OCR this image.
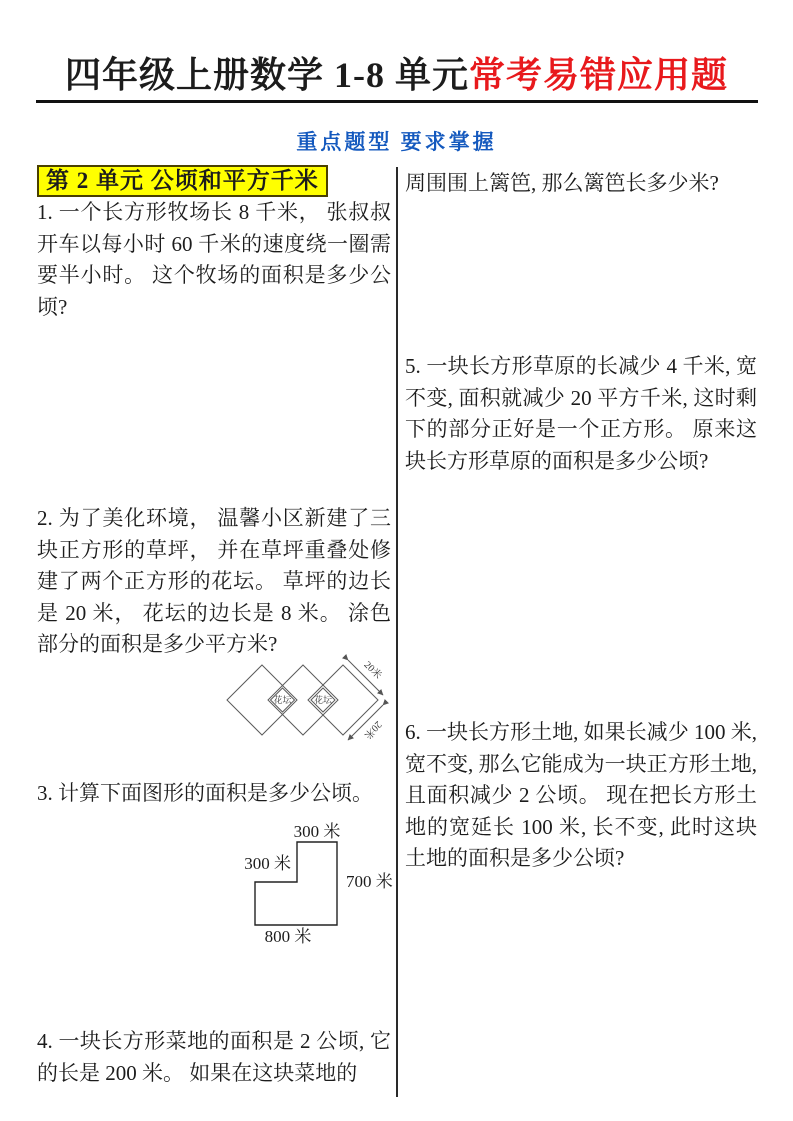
四年级上册数学 1-8 单元常考易错应用题
重点题型 要求掌握
第 2 单元 公顷和平方千米
1. 一个长方形牧场长 8 千米， 张叔叔开车以每小时 60 千米的速度绕一圈需要半小时。 这个牧场的面积是多少公顷?
2. 为了美化环境， 温馨小区新建了三块正方形的草坪， 并在草坪重叠处修建了两个正方形的花坛。 草坪的边长是 20 米， 花坛的边长是 8 米。 涂色部分的面积是多少平方米?
花坛 花坛
20米
20米
3. 计算下面图形的面积是多少公顷。
300 米
300 米
700 米
800 米
4. 一块长方形菜地的面积是 2 公顷, 它的长是 200 米。 如果在这块菜地的
周围围上篱笆, 那么篱笆长多少米?
5. 一块长方形草原的长减少 4 千米, 宽不变, 面积就减少 20 平方千米, 这时剩下的部分正好是一个正方形。 原来这块长方形草原的面积是多少公顷?
6. 一块长方形土地, 如果长减少 100 米, 宽不变, 那么它能成为一块正方形土地, 且面积减少 2 公顷。 现在把长方形土地的宽延长 100 米, 长不变, 此时这块土地的面积是多少公顷?
